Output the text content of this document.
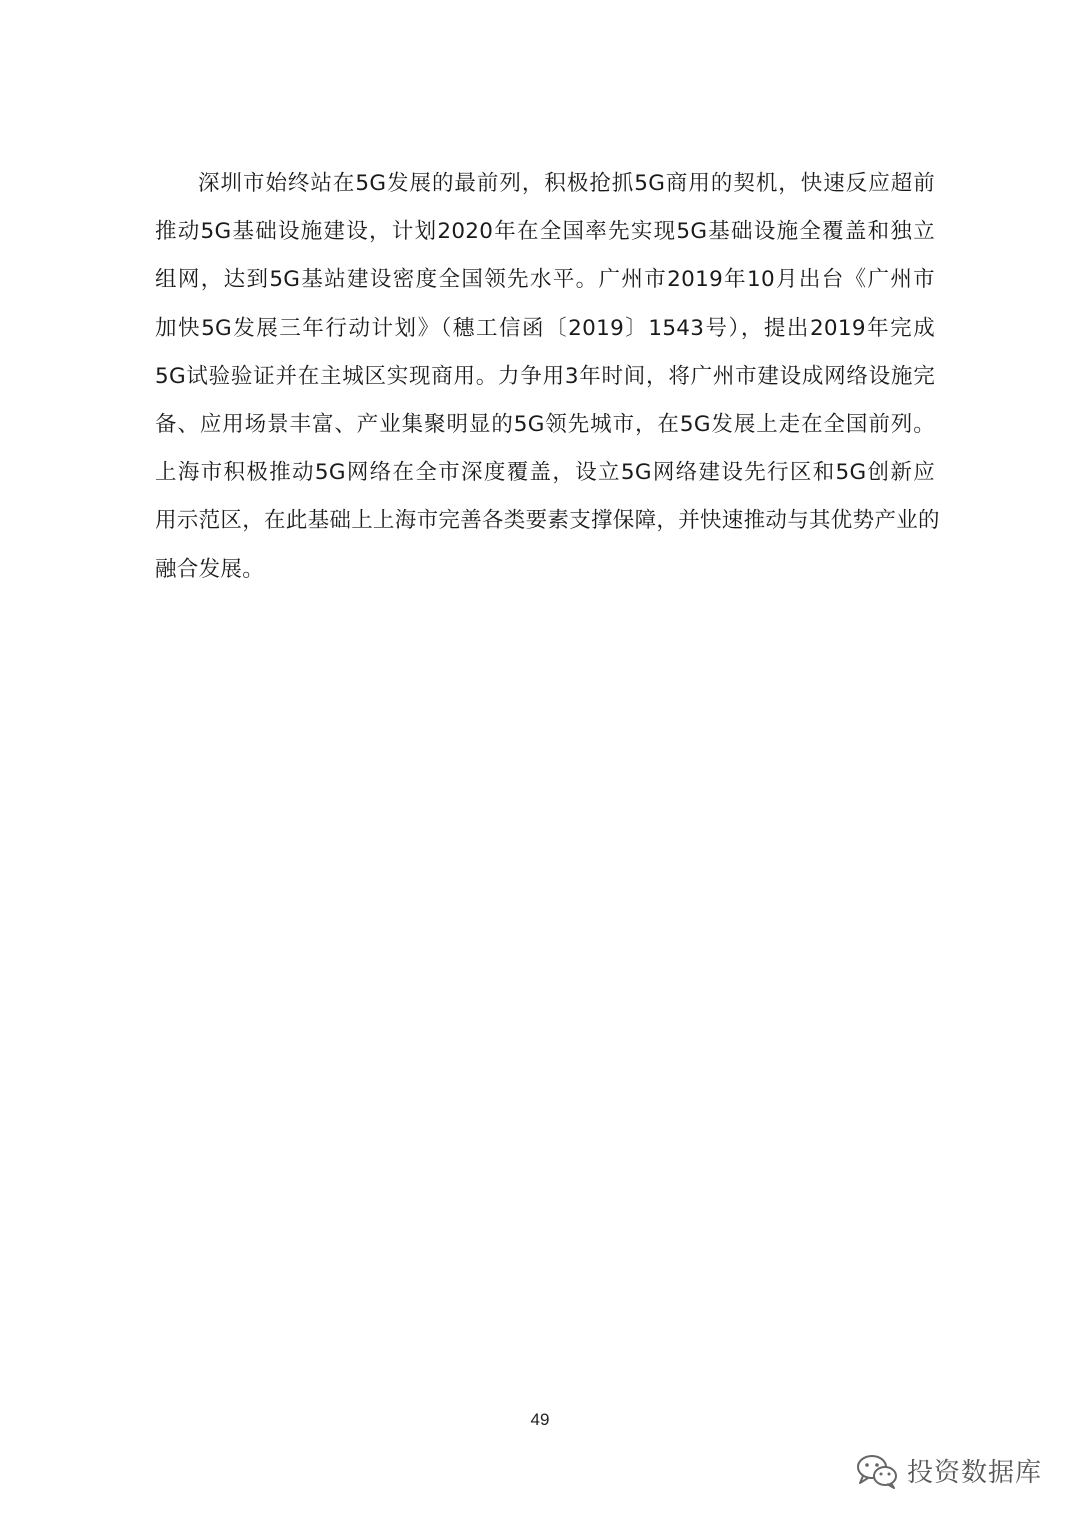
深圳市始终站在5G发展的最前列，积极抢抓5G商用的契机，快速反应超前
推动5G基础设施建设，计划2020年在全国率先实现5G基础设施全覆盖和独立
组网，达到5G基站建设密度全国领先水平。广州市2019年10月出台《广州市
加快5G发展三年行动计划》（穗工信函〔2019〕1543号），提出2019年完成
5G试验验证并在主城区实现商用。力争用3年时间，将广州市建设成网络设施完
备、应用场景丰富、产业集聚明显的5G领先城市，在5G发展上走在全国前列。
上海市积极推动5G网络在全市深度覆盖，设立5G网络建设先行区和5G创新应
用示范区，在此基础上上海市完善各类要素支撑保障，并快速推动与其优势产业的
融合发展。

49
投资数据库
